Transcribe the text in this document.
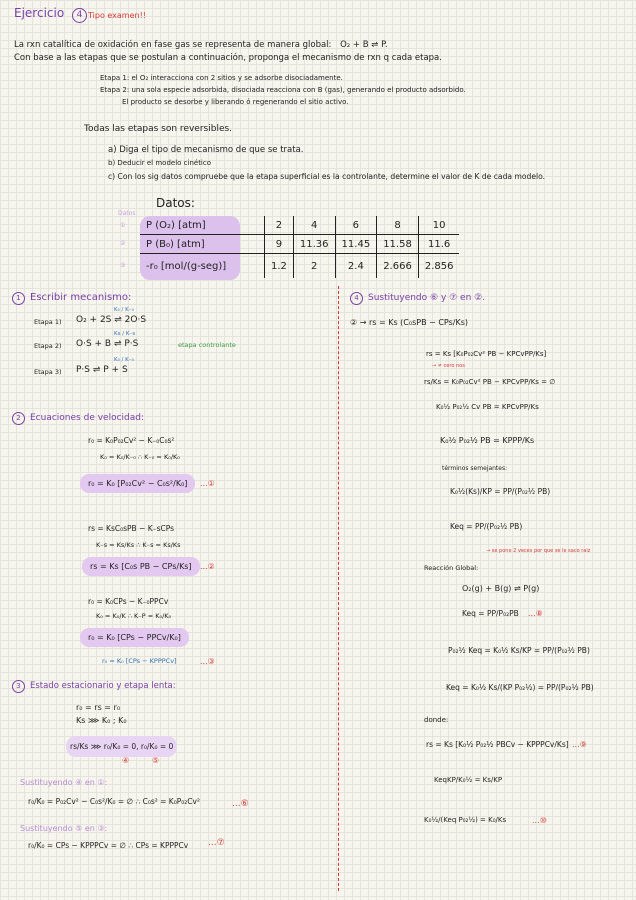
Ejercicio 4 Tipo examen!!
La rxn catalítica de oxidación en fase gas se representa de manera global: O₂ + B ⇌ P.
Con base a las etapas que se postulan a continuación, proponga el mecanismo de rxn q cada etapa.
Etapa 1: el O₂ interacciona con 2 sitios y se adsorbe disociadamente.
Etapa 2: una sola especie adsorbida, disociada reacciona con B (gas), generando el producto adsorbido.
El producto se desorbe y liberando ó regenerando el sitio activo.
Todas las etapas son reversibles.
a) Diga el tipo de mecanismo de que se trata.
b) Deducir el modelo cinético
c) Con los sig datos compruebe que la etapa superficial es la controlante, determine el valor de K de cada modelo.
Datos:
Datos
①
②
③
P (O₂) [atm]	2	4	6	8	10
P (B₀) [atm]	9	11.36	11.45	11.58	11.6
-r₀ [mol/(g-seg)]	1.2	2	2.4	2.666	2.856
1 Escribir mecanismo:
Etapa 1) O₂ + 2S ⇌ 2O·S
K₀ / K₋₀
Etapa 2) O·S + B ⇌ P·S
Ks / K₋s
etapa controlante
Etapa 3) P·S ⇌ P + S
K₀ / K₋₀
2 Ecuaciones de velocidad:
r₀ = K₀P₀₂Cv² − K₋₀C₀s²
K₀ = K₀/K₋₀ ∴ K₋₀ = K₀/K₀
r₀ = K₀ [P₀₂Cv² − C₀s²/K₀]	...①
rs = KsC₀sPB − K₋sCPs
K₋s = Ks/Ks ∴ K₋s = Ks/Ks
rs = Ks [C₀s PB − CPs/Ks]	...②
r₀ = K₀CPs − K₋₀PPCv
K₀ = K₀/K ∴ K₋P = K₀/K₀
r₀ = K₀ [CPs − PPCv/K₀]
r₀ = K₀ [CPs − KPPPCv]	...③
3 Estado estacionario y etapa lenta:
r₀ = rs = r₀
Ks ⋙ K₀ ; K₀
rs/Ks ⋙ r₀/K₀ = 0, r₀/K₀ = 0
④	⑤
Sustituyendo ④ en ①:
r₀/K₀ = P₀₂Cv² − C₀s²/K₀ = ∅ ∴ C₀s² = K₀P₀₂Cv²	...⑥
Sustituyendo ⑤ en ③:
r₀/K₀ = CPs − KPPPCv = ∅ ∴ CPs = KPPPCv ...⑦
4 Sustituyendo ⑥ y ⑦ en ②.
② → rs = Ks (C₀sPB − CPs/Ks)
rs = Ks [K₀P₀₂Cv² PB − KPCvPP/Ks]
→ ≠ cero nos
rs/Ks = K₀P₀₂Cv² PB − KPCvPP/Ks = ∅
K₀½ P₀₂½ Cv PB = KPCvPP/Ks
K₀½ P₀₂½ PB = KPPP/Ks
términos semejantes:
K₀½(Ks)/KP = PP/(P₀₂½ PB)
Keq = PP/(P₀₂½ PB)
→ se pone 2 veces por que se le saco raiz
Reacción Global:
O₂(g) + B(g) ⇌ P(g)
Keq = PP/P₀₂PB ...⑧
P₀₂½ Keq = K₀½ Ks/KP = PP/(P₀₂½ PB)
Keq = K₀½ Ks/(KP P₀₂½) = PP/(P₀₂½ PB)
donde:
rs = Ks [K₀½ P₀₂½ PBCv − KPPPCv/Ks] ...⑨
KeqKP/K₀½ = Ks/KP
K₀½/(Keq P₀₂½) = K₀/Ks	...⑩
